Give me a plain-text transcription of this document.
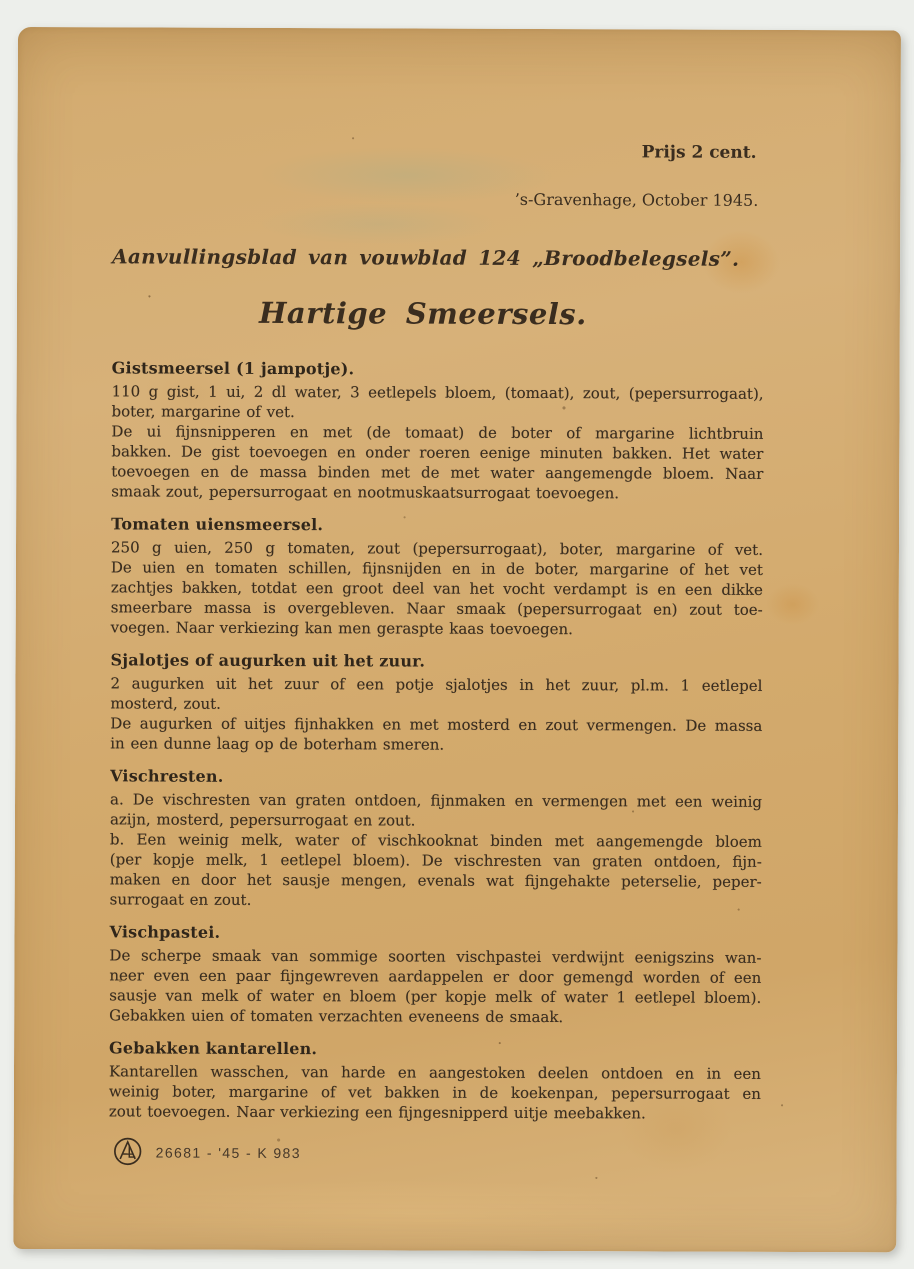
Prijs 2 cent.
’s-Gravenhage, October 1945.
Aanvullingsblad van vouwblad 124 „Broodbelegsels”.
Hartige Smeersels.
Gistsmeersel (1 jampotje).
110 g gist, 1 ui, 2 dl water, 3 eetlepels bloem, (tomaat), zout, (pepersurrogaat),
boter, margarine of vet.
De ui fijnsnipperen en met (de tomaat) de boter of margarine lichtbruin
bakken. De gist toevoegen en onder roeren eenige minuten bakken. Het water
toevoegen en de massa binden met de met water aangemengde bloem. Naar
smaak zout, pepersurrogaat en nootmuskaatsurrogaat toevoegen.
Tomaten uiensmeersel.
250 g uien, 250 g tomaten, zout (pepersurrogaat), boter, margarine of vet.
De uien en tomaten schillen, fijnsnijden en in de boter, margarine of het vet
zachtjes bakken, totdat een groot deel van het vocht verdampt is en een dikke
smeerbare massa is overgebleven. Naar smaak (pepersurrogaat en) zout toe-
voegen. Naar verkiezing kan men geraspte kaas toevoegen.
Sjalotjes of augurken uit het zuur.
2 augurken uit het zuur of een potje sjalotjes in het zuur, pl.m. 1 eetlepel
mosterd, zout.
De augurken of uitjes fijnhakken en met mosterd en zout vermengen. De massa
in een dunne laag op de boterham smeren.
Vischresten.
a. De vischresten van graten ontdoen, fijnmaken en vermengen met een weinig
azijn, mosterd, pepersurrogaat en zout.
b. Een weinig melk, water of vischkooknat binden met aangemengde bloem
(per kopje melk, 1 eetlepel bloem). De vischresten van graten ontdoen, fijn-
maken en door het sausje mengen, evenals wat fijngehakte peterselie, peper-
surrogaat en zout.
Vischpastei.
De scherpe smaak van sommige soorten vischpastei verdwijnt eenigszins wan-
neer even een paar fijngewreven aardappelen er door gemengd worden of een
sausje van melk of water en bloem (per kopje melk of water 1 eetlepel bloem).
Gebakken uien of tomaten verzachten eveneens de smaak.
Gebakken kantarellen.
Kantarellen wasschen, van harde en aangestoken deelen ontdoen en in een
weinig boter, margarine of vet bakken in de koekenpan, pepersurrogaat en
zout toevoegen. Naar verkiezing een fijngesnipperd uitje meebakken.
26681 - '45 - K 983
